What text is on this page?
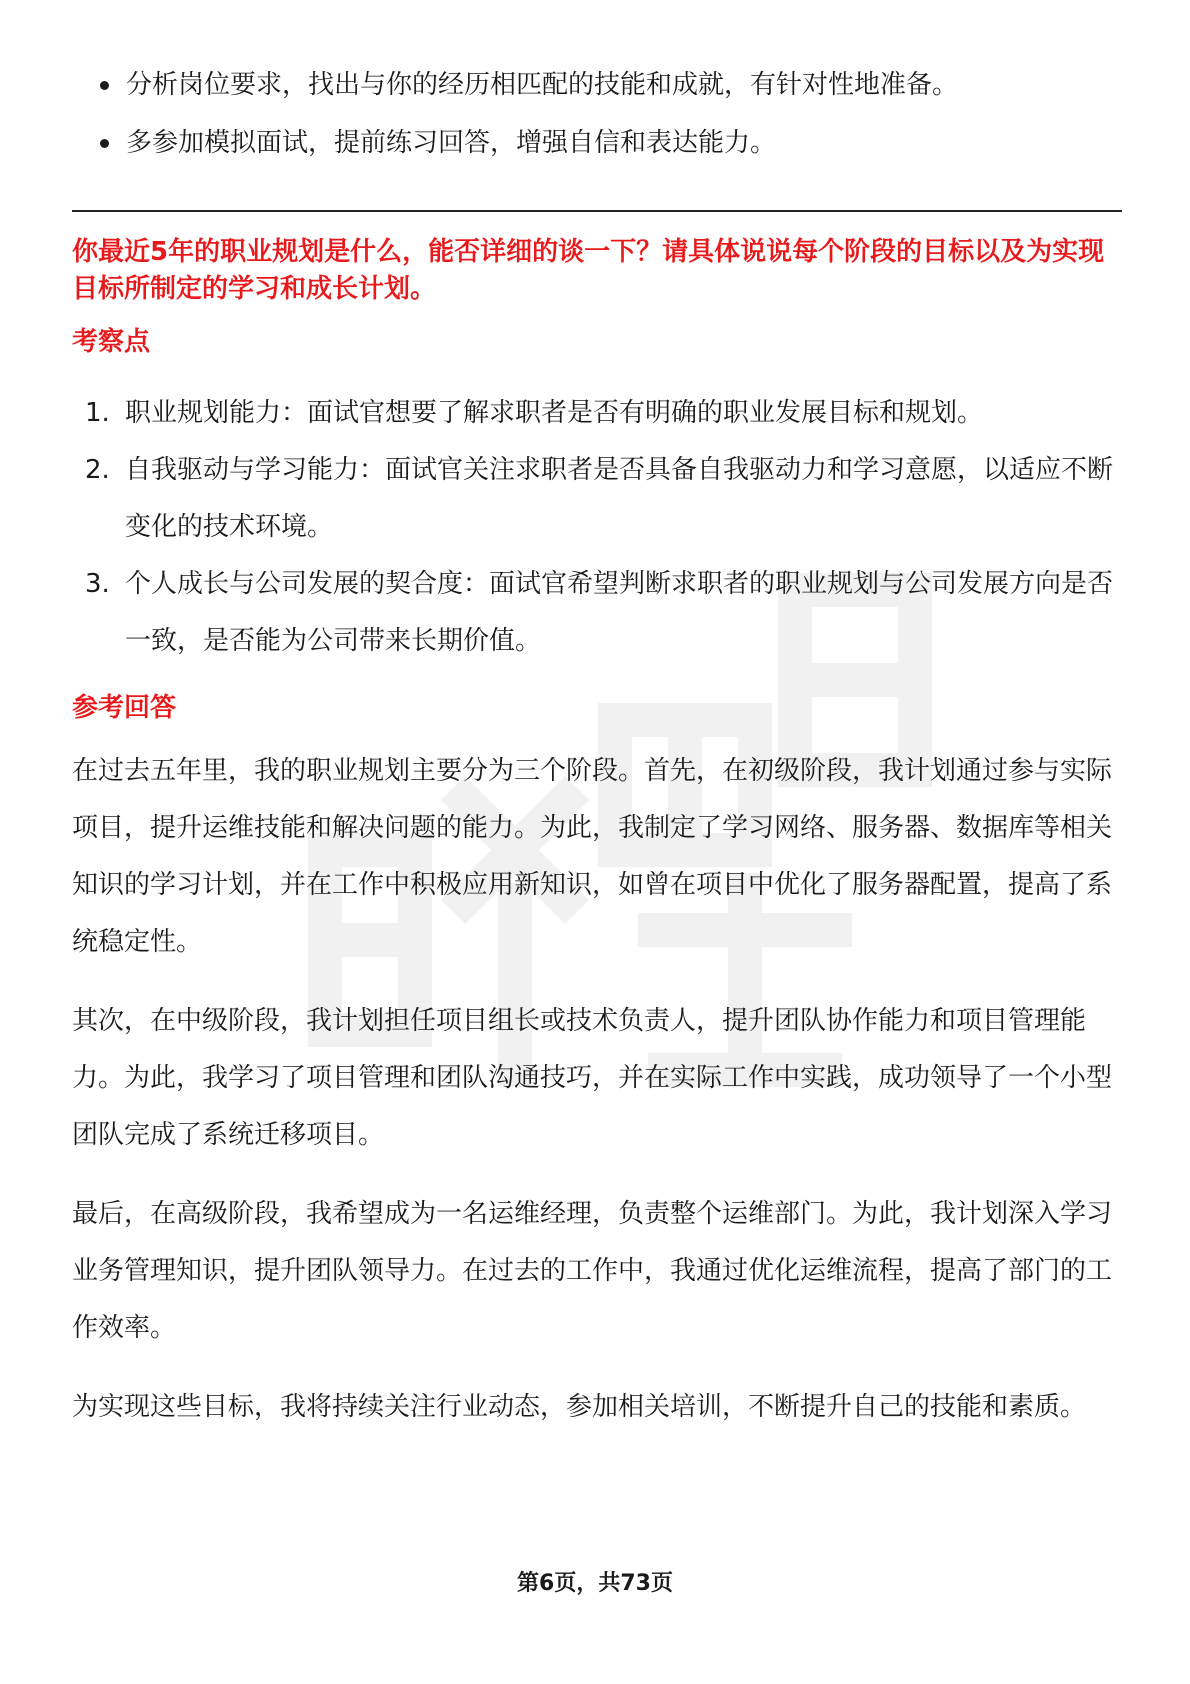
分析岗位要求，找出与你的经历相匹配的技能和成就，有针对性地准备。
多参加模拟面试，提前练习回答，增强自信和表达能力。
你最近5年的职业规划是什么，能否详细的谈一下？请具体说说每个阶段的目标以及为实现目标所制定的学习和成长计划。
考察点
1. 职业规划能力：面试官想要了解求职者是否有明确的职业发展目标和规划。
2. 自我驱动与学习能力：面试官关注求职者是否具备自我驱动力和学习意愿，以适应不断变化的技术环境。
3. 个人成长与公司发展的契合度：面试官希望判断求职者的职业规划与公司发展方向是否一致，是否能为公司带来长期价值。
参考回答

在过去五年里，我的职业规划主要分为三个阶段。首先，在初级阶段，我计划通过参与实际项目，提升运维技能和解决问题的能力。为此，我制定了学习网络、服务器、数据库等相关知识的学习计划，并在工作中积极应用新知识，如曾在项目中优化了服务器配置，提高了系统稳定性。

其次，在中级阶段，我计划担任项目组长或技术负责人，提升团队协作能力和项目管理能力。为此，我学习了项目管理和团队沟通技巧，并在实际工作中实践，成功领导了一个小型团队完成了系统迁移项目。

最后，在高级阶段，我希望成为一名运维经理，负责整个运维部门。为此，我计划深入学习业务管理知识，提升团队领导力。在过去的工作中，我通过优化运维流程，提高了部门的工作效率。

为实现这些目标，我将持续关注行业动态，参加相关培训，不断提升自己的技能和素质。

第6页，共73页
